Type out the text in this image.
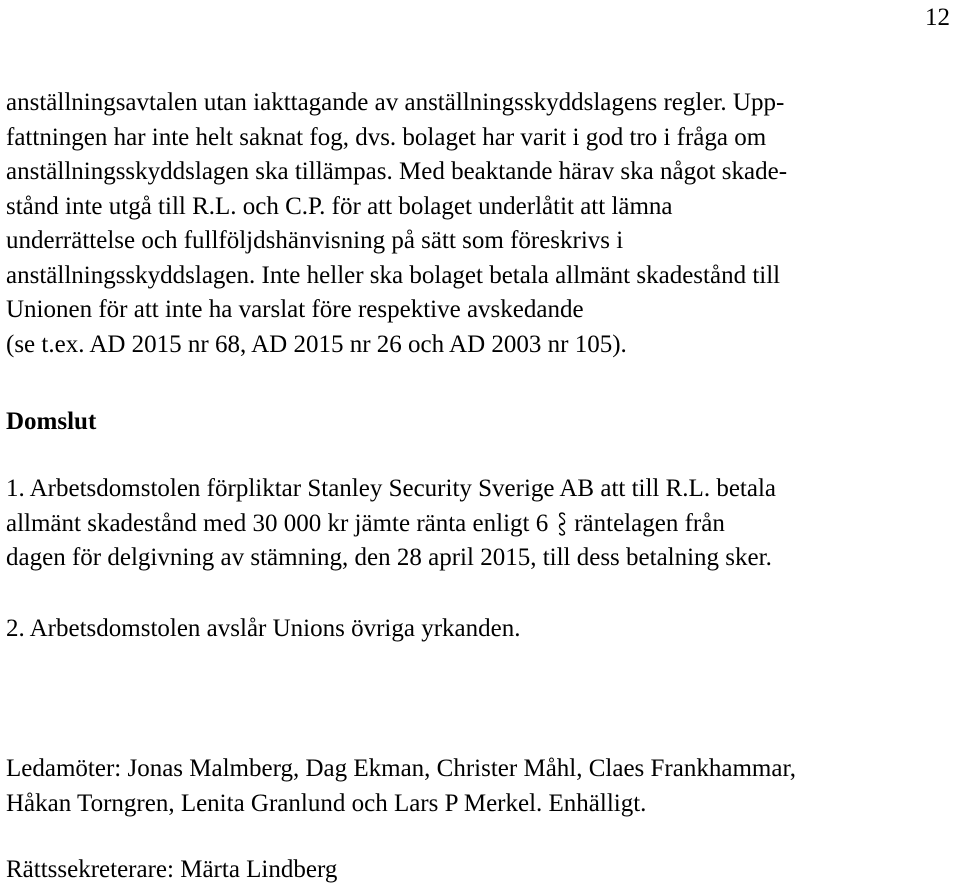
12
anställningsavtalen utan iakttagande av anställningsskyddslagens regler. Upp-
fattningen har inte helt saknat fog, dvs. bolaget har varit i god tro i fråga om
anställningsskyddslagen ska tillämpas. Med beaktande härav ska något skade-
stånd inte utgå till R.L. och C.P. för att bolaget underlåtit att lämna
underrättelse och fullföljdshänvisning på sätt som föreskrivs i
anställningsskyddslagen. Inte heller ska bolaget betala allmänt skadestånd till
Unionen för att inte ha varslat före respektive avskedande
(se t.ex. AD 2015 nr 68, AD 2015 nr 26 och AD 2003 nr 105).
Domslut
1. Arbetsdomstolen förpliktar Stanley Security Sverige AB att till R.L. betala
allmänt skadestånd med 30 000 kr jämte ränta enligt 6 räntelagen från
dagen för delgivning av stämning, den 28 april 2015, till dess betalning sker.
2. Arbetsdomstolen avslår Unions övriga yrkanden.
Ledamöter: Jonas Malmberg, Dag Ekman, Christer Måhl, Claes Frankhammar,
Håkan Torngren, Lenita Granlund och Lars P Merkel. Enhälligt.
Rättssekreterare: Märta Lindberg
